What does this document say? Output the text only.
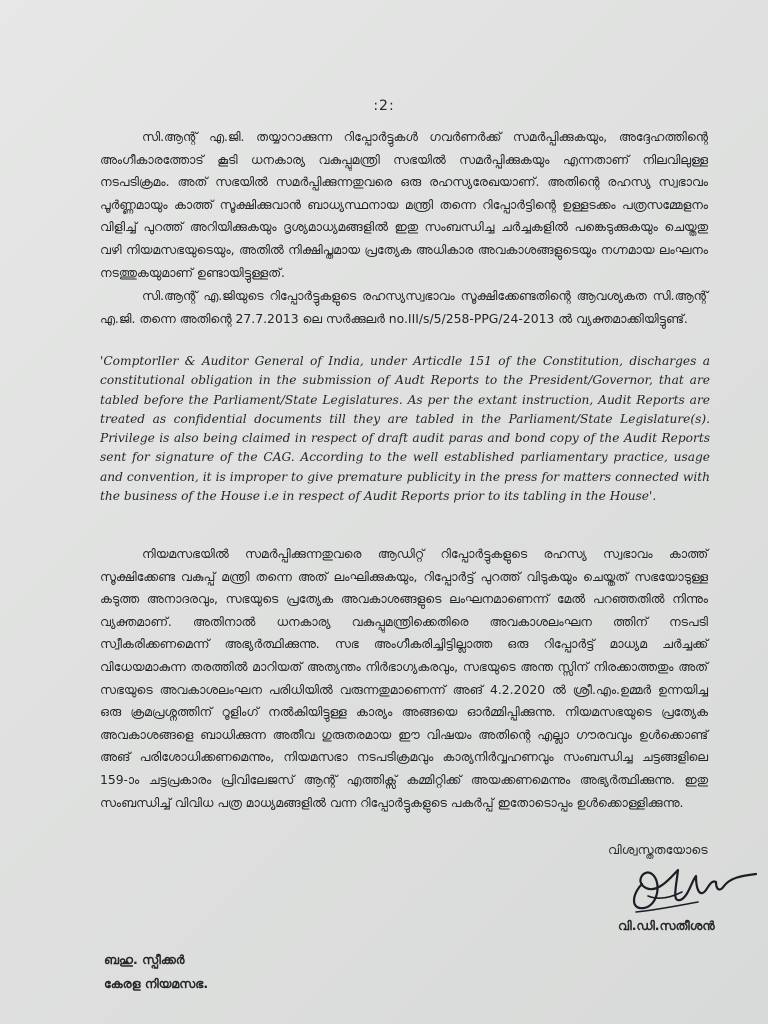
:2:
സി.ആന്റ് എ.ജി. തയ്യാറാക്കുന്ന റിപ്പോർട്ടുകൾ ഗവർണർക്ക് സമർപ്പിക്കുകയും, അദ്ദേഹത്തിന്റെ അംഗീകാരത്തോട് കൂടി ധനകാര്യ വകുപ്പുമന്ത്രി സഭയിൽ സമർപ്പിക്കുകയും എന്നതാണ് നിലവിലുള്ള നടപടിക്രമം. അത് സഭയിൽ സമർപ്പിക്കുന്നതുവരെ ഒരു രഹസ്യരേഖയാണ്. അതിന്റെ രഹസ്യ സ്വഭാവം പൂർണ്ണമായും കാത്ത് സൂക്ഷിക്കുവാൻ ബാധ്യസ്ഥനായ മന്ത്രി തന്നെ റിപ്പോർട്ടിന്റെ ഉള്ളടക്കം പത്രസമ്മേളനം വിളിച്ച് പുറത്ത് അറിയിക്കുകയും ദൃശ്യമാധ്യമങ്ങളിൽ ഇതു സംബന്ധിച്ച ചർച്ചകളിൽ പങ്കെടുക്കുകയും ചെയ്തതു വഴി നിയമസഭയുടെയും, അതിൽ നിക്ഷിപ്തമായ പ്രത്യേക അധികാര അവകാശങ്ങളുടെയും നഗ്നമായ ലംഘനം നടത്തുകയുമാണ് ഉണ്ടായിട്ടുള്ളത്.
സി.ആന്റ് എ.ജിയുടെ റിപ്പോർട്ടുകളുടെ രഹസ്യസ്വഭാവം സൂക്ഷിക്കേണ്ടതിന്റെ ആവശ്യകത സി.ആന്റ് എ.ജി. തന്നെ അതിന്റെ 27.7.2013 ലെ സർക്കുലർ no.III/s/5/258-PPG/24-2013 ൽ വ്യക്തമാക്കിയിട്ടുണ്ട്.
'Comptorller & Auditor General of India, under Articdle 151 of the Constitution, discharges a constitutional obligation in the submission of Audt Reports to the President/Governor, that are tabled before the Parliament/State Legislatures. As per the extant instruction, Audit Reports are treated as confidential documents till they are tabled in the Parliament/State Legislature(s). Privilege is also being claimed in respect of draft audit paras and bond copy of the Audit Reports sent for signature of the CAG. According to the well established parliamentary practice, usage and convention, it is improper to give premature publicity in the press for matters connected with the business of the House i.e in respect of Audit Reports prior to its tabling in the House'.
നിയമസഭയിൽ സമർപ്പിക്കുന്നതുവരെ ആഡിറ്റ് റിപ്പോർട്ടുകളുടെ രഹസ്യ സ്വഭാവം കാത്ത് സൂക്ഷിക്കേണ്ട വകുപ്പ് മന്ത്രി തന്നെ അത് ലംഘിക്കുകയും, റിപ്പോർട്ട് പുറത്ത് വിടുകയും ചെയ്തത് സഭയോടുള്ള കടുത്ത അനാദരവും, സഭയുടെ പ്രത്യേക അവകാശങ്ങളുടെ ലംഘനമാണെന്ന് മേൽ പറഞ്ഞതിൽ നിന്നും വ്യക്തമാണ്. അതിനാൽ ധനകാര്യ വകുപ്പുമന്ത്രിക്കെതിരെ അവകാശലംഘന ത്തിന് നടപടി സ്വീകരിക്കണമെന്ന് അഭ്യർത്ഥിക്കുന്നു. സഭ അംഗീകരിച്ചിട്ടില്ലാത്ത ഒരു റിപ്പോർട്ട് മാധ്യമ ചർച്ചക്ക് വിധേയമാകുന്ന തരത്തിൽ മാറിയത് അത്യന്തം നിർഭാഗ്യകരവും, സഭയുടെ അന്ത സ്സിന് നിരക്കാത്തതും അത് സഭയുടെ അവകാശലംഘന പരിധിയിൽ വരുന്നതുമാണെന്ന് അങ് 4.2.2020 ൽ ശ്രീ.എം.ഉമ്മർ ഉന്നയിച്ച ഒരു ക്രമപ്രശ്നത്തിന് റൂളിംഗ് നൽകിയിട്ടുള്ള കാര്യം അങ്ങയെ ഓർമ്മിപ്പിക്കുന്നു. നിയമസഭയുടെ പ്രത്യേക അവകാശങ്ങളെ ബാധിക്കുന്ന അതീവ ഗുരുതരമായ ഈ വിഷയം അതിന്റെ എല്ലാ ഗൗരവവും ഉൾക്കൊണ്ട് അങ് പരിശോധിക്കണമെന്നും, നിയമസഭാ നടപടിക്രമവും കാര്യനിർവ്വഹണവും സംബന്ധിച്ച ചട്ടങ്ങളിലെ 159-ാം ചട്ടപ്രകാരം പ്രിവിലേജസ് ആന്റ് എത്തിക്സ് കമ്മിറ്റിക്ക് അയക്കണമെന്നും അഭ്യർത്ഥിക്കുന്നു. ഇതു സംബന്ധിച്ച് വിവിധ പത്ര മാധ്യമങ്ങളിൽ വന്ന റിപ്പോർട്ടുകളുടെ പകർപ്പ് ഇതോടൊപ്പം ഉൾക്കൊള്ളിക്കുന്നു.
വിശ്വസ്തതയോടെ
വി.ഡി.സതീശൻ
ബഹു. സ്പീക്കർ
കേരള നിയമസഭ.
